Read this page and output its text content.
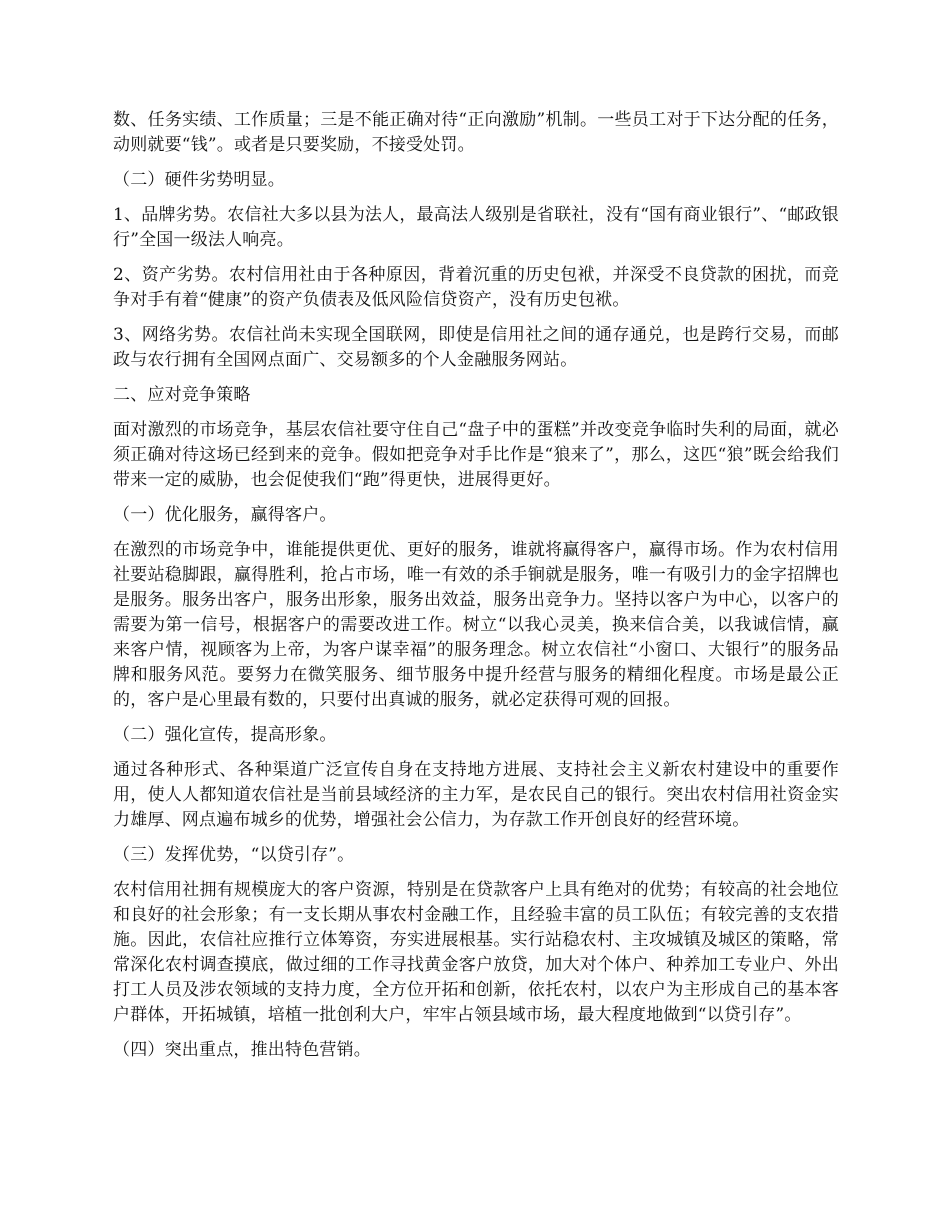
数、任务实绩、工作质量；三是不能正确对待“正向激励”机制。一些员工对于下达分配的任务，动则就要“钱”。或者是只要奖励，不接受处罚。

（二）硬件劣势明显。

1、品牌劣势。农信社大多以县为法人，最高法人级别是省联社，没有“国有商业银行”、“邮政银行”全国一级法人响亮。

2、资产劣势。农村信用社由于各种原因，背着沉重的历史包袱，并深受不良贷款的困扰，而竞争对手有着“健康”的资产负债表及低风险信贷资产，没有历史包袱。

3、网络劣势。农信社尚未实现全国联网，即使是信用社之间的通存通兑，也是跨行交易，而邮政与农行拥有全国网点面广、交易额多的个人金融服务网站。

二、应对竞争策略

面对激烈的市场竞争，基层农信社要守住自己“盘子中的蛋糕”并改变竞争临时失利的局面，就必须正确对待这场已经到来的竞争。假如把竞争对手比作是“狼来了”，那么，这匹“狼”既会给我们带来一定的威胁，也会促使我们“跑”得更快，进展得更好。

（一）优化服务，赢得客户。

在激烈的市场竞争中，谁能提供更优、更好的服务，谁就将赢得客户，赢得市场。作为农村信用社要站稳脚跟，赢得胜利，抢占市场，唯一有效的杀手锏就是服务，唯一有吸引力的金字招牌也是服务。服务出客户，服务出形象，服务出效益，服务出竞争力。坚持以客户为中心，以客户的需要为第一信号，根据客户的需要改进工作。树立“以我心灵美，换来信合美，以我诚信情，赢来客户情，视顾客为上帝，为客户谋幸福”的服务理念。树立农信社“小窗口、大银行”的服务品牌和服务风范。要努力在微笑服务、细节服务中提升经营与服务的精细化程度。市场是最公正的，客户是心里最有数的，只要付出真诚的服务，就必定获得可观的回报。

（二）强化宣传，提高形象。

通过各种形式、各种渠道广泛宣传自身在支持地方进展、支持社会主义新农村建设中的重要作用，使人人都知道农信社是当前县域经济的主力军，是农民自己的银行。突出农村信用社资金实力雄厚、网点遍布城乡的优势，增强社会公信力，为存款工作开创良好的经营环境。

（三）发挥优势，“以贷引存”。

农村信用社拥有规模庞大的客户资源，特别是在贷款客户上具有绝对的优势；有较高的社会地位和良好的社会形象；有一支长期从事农村金融工作，且经验丰富的员工队伍；有较完善的支农措施。因此，农信社应推行立体筹资，夯实进展根基。实行站稳农村、主攻城镇及城区的策略，常常深化农村调查摸底，做过细的工作寻找黄金客户放贷，加大对个体户、种养加工专业户、外出打工人员及涉农领域的支持力度，全方位开拓和创新，依托农村，以农户为主形成自己的基本客户群体，开拓城镇，培植一批创利大户，牢牢占领县域市场，最大程度地做到“以贷引存”。

（四）突出重点，推出特色营销。
